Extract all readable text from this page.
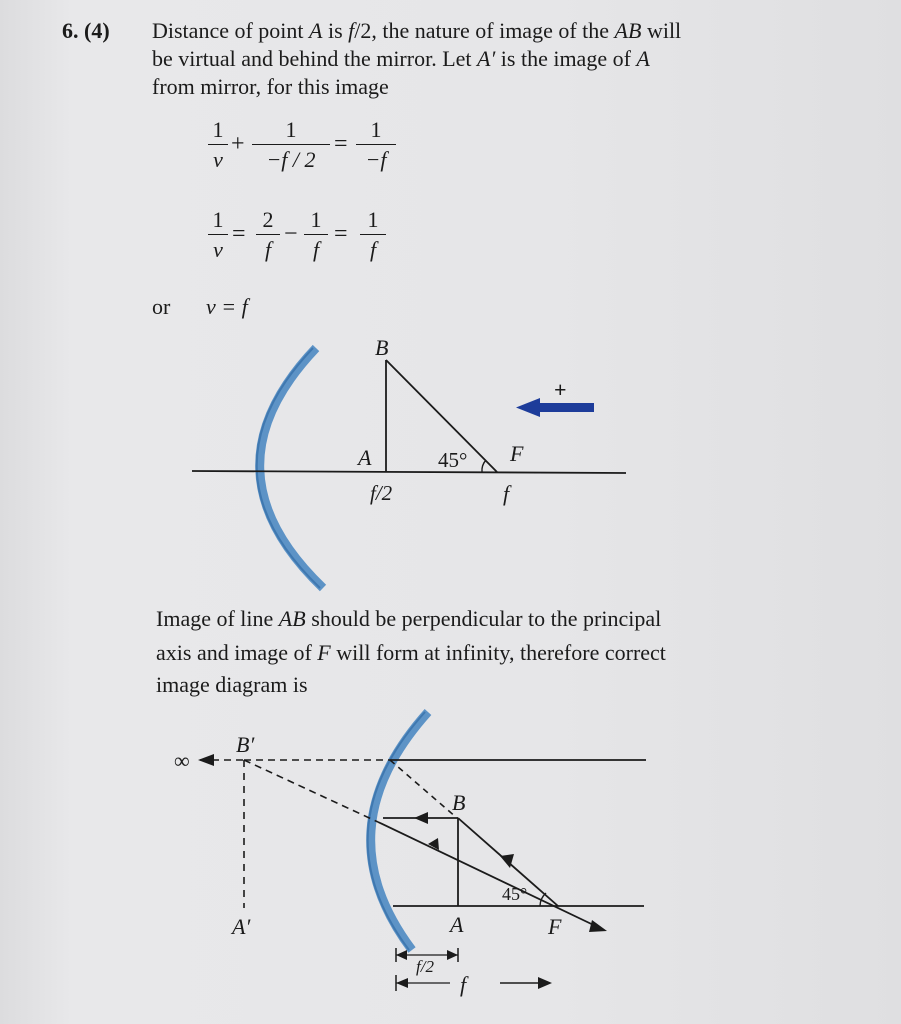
6. (4) Distance of point A is f/2, the nature of image of the AB will
be virtual and behind the mirror. Let A′ is the image of A
from mirror, for this image
1
v
+
1
−f / 2
=
1
−f
1
v
=
2
f
−
1
f
=
1
f
or v = f
B
A	45° F
f/2	f
+
Image of line AB should be perpendicular to the principal
axis and image of F will form at infinity, therefore correct
image diagram is
∞
B′
A′
B
A	F
45°
f/2
f
